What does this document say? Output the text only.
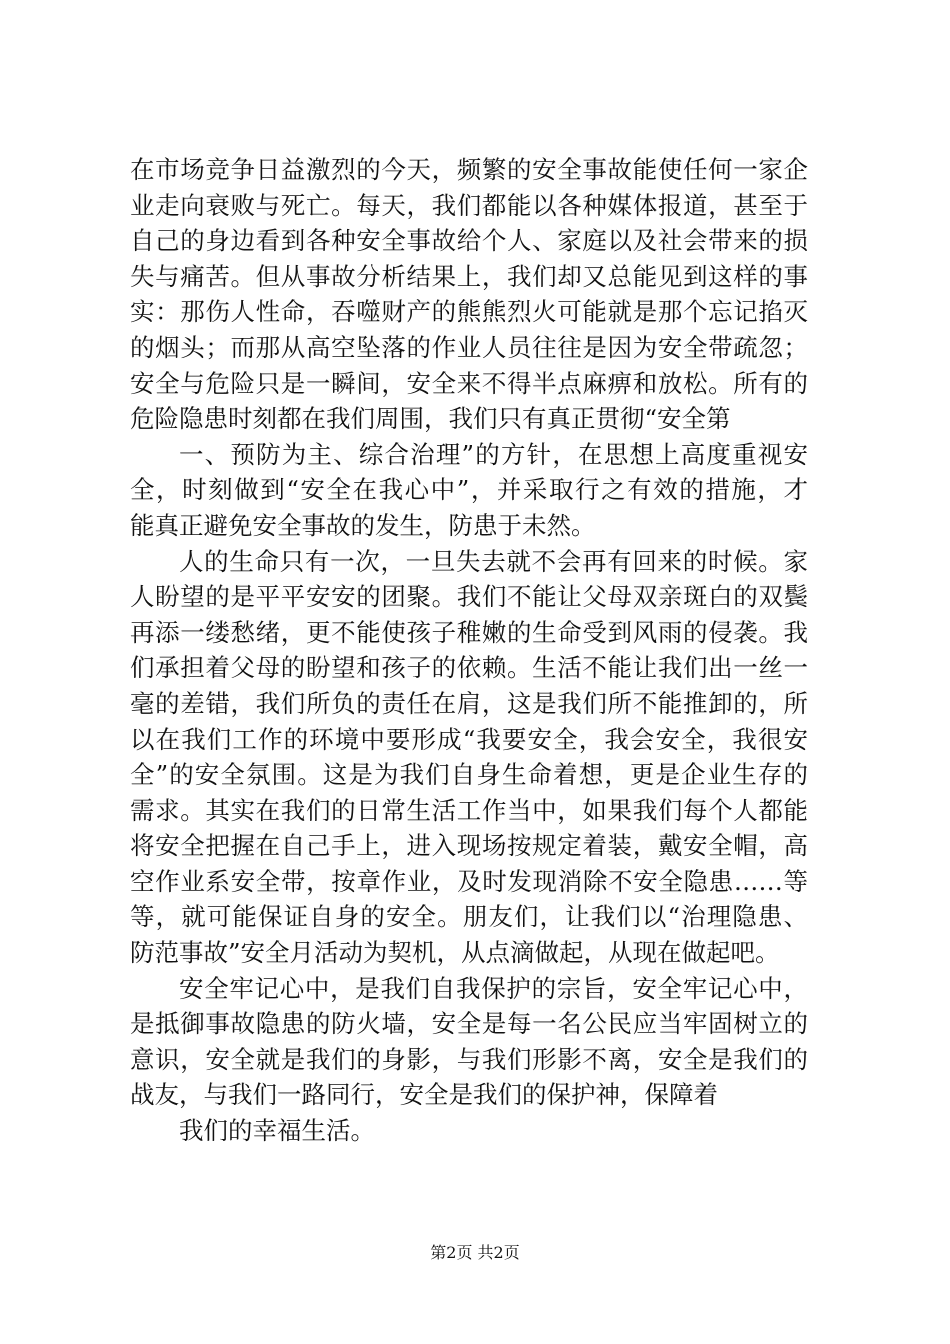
在市场竞争日益激烈的今天，频繁的安全事故能使任何一家企
业走向衰败与死亡。每天，我们都能以各种媒体报道，甚至于
自己的身边看到各种安全事故给个人、家庭以及社会带来的损
失与痛苦。但从事故分析结果上，我们却又总能见到这样的事
实：那伤人性命，吞噬财产的熊熊烈火可能就是那个忘记掐灭
的烟头；而那从高空坠落的作业人员往往是因为安全带疏忽；
安全与危险只是一瞬间，安全来不得半点麻痹和放松。所有的
危险隐患时刻都在我们周围，我们只有真正贯彻“安全第
一、预防为主、综合治理”的方针，在思想上高度重视安
全，时刻做到“安全在我心中”，并采取行之有效的措施，才
能真正避免安全事故的发生，防患于未然。
人的生命只有一次，一旦失去就不会再有回来的时候。家
人盼望的是平平安安的团聚。我们不能让父母双亲斑白的双鬓
再添一缕愁绪，更不能使孩子稚嫩的生命受到风雨的侵袭。我
们承担着父母的盼望和孩子的依赖。生活不能让我们出一丝一
毫的差错，我们所负的责任在肩，这是我们所不能推卸的，所
以在我们工作的环境中要形成“我要安全，我会安全，我很安
全”的安全氛围。这是为我们自身生命着想，更是企业生存的
需求。其实在我们的日常生活工作当中，如果我们每个人都能
将安全把握在自己手上，进入现场按规定着装，戴安全帽，高
空作业系安全带，按章作业，及时发现消除不安全隐患……等
等，就可能保证自身的安全。朋友们，让我们以“治理隐患、
防范事故”安全月活动为契机，从点滴做起，从现在做起吧。
安全牢记心中，是我们自我保护的宗旨，安全牢记心中，
是抵御事故隐患的防火墙，安全是每一名公民应当牢固树立的
意识，安全就是我们的身影，与我们形影不离，安全是我们的
战友，与我们一路同行，安全是我们的保护神，保障着
我们的幸福生活。
第2页 共2页
